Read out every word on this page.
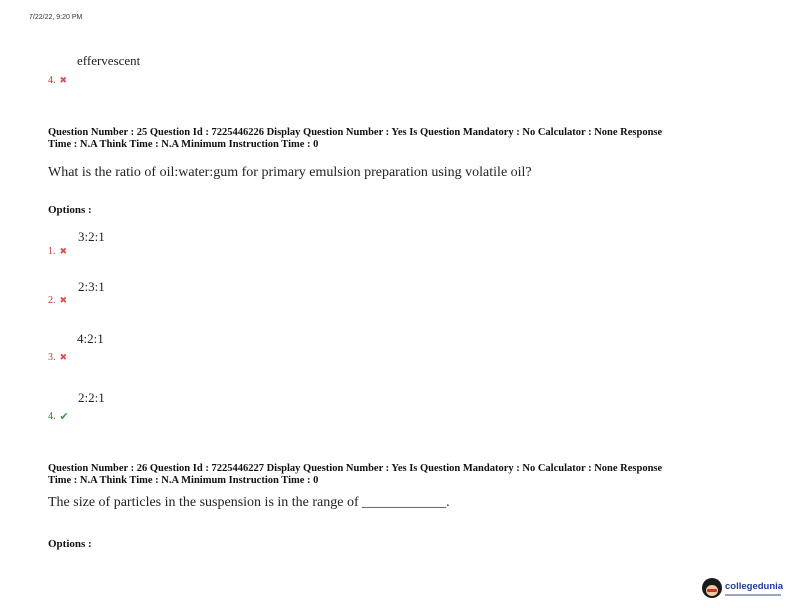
7/22/22, 9:20 PM
effervescent
4. ✖
Question Number : 25 Question Id : 7225446226 Display Question Number : Yes Is Question Mandatory : No Calculator : None Response
Time : N.A Think Time : N.A Minimum Instruction Time : 0
What is the ratio of oil:water:gum for primary emulsion preparation using volatile oil?
Options :
3:2:1
1. ✖
2:3:1
2. ✖
4:2:1
3. ✖
2:2:1
4. ✔
Question Number : 26 Question Id : 7225446227 Display Question Number : Yes Is Question Mandatory : No Calculator : None Response
Time : N.A Think Time : N.A Minimum Instruction Time : 0
The size of particles in the suspension is in the range of ____________.
Options :
collegedunia
